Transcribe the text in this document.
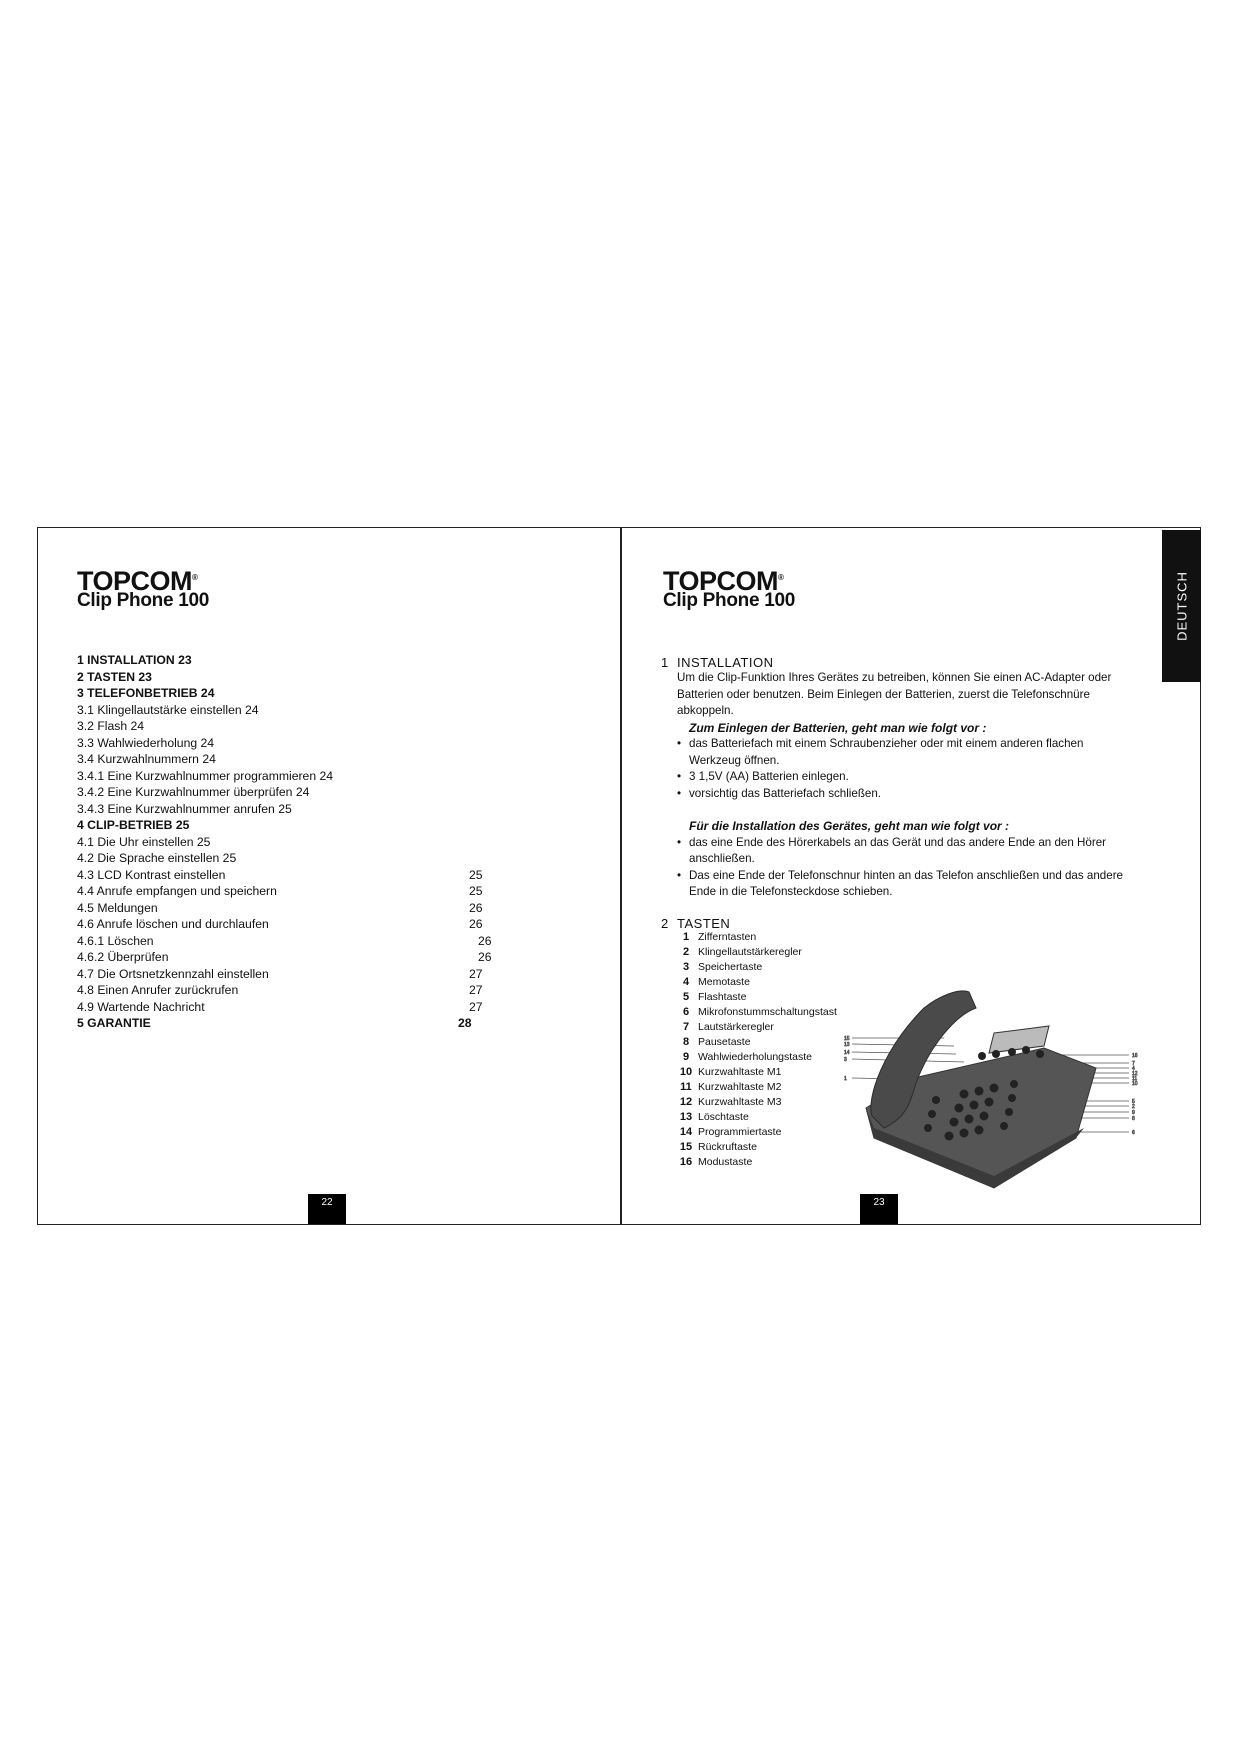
TOPCOM®
Clip Phone 100
1 INSTALLATION 23
2 TASTEN 23
3 TELEFONBETRIEB 24
3.1 Klingellautstärke einstellen 24
3.2 Flash 24
3.3 Wahlwiederholung 24
3.4 Kurzwahlnummern 24
3.4.1 Eine Kurzwahlnummer programmieren 24
3.4.2 Eine Kurzwahlnummer überprüfen 24
3.4.3 Eine Kurzwahlnummer anrufen 25
4 CLIP-BETRIEB 25
4.1 Die Uhr einstellen 25
4.2 Die Sprache einstellen 25
4.3 LCD Kontrast einstellen	25
4.4 Anrufe empfangen und speichern	25
4.5 Meldungen	26
4.6 Anrufe löschen und durchlaufen	26
4.6.1 Löschen	26
4.6.2 Überprüfen	26
4.7 Die Ortsnetzkennzahl einstellen	27
4.8 Einen Anrufer zurückrufen	27
4.9 Wartende Nachricht	27
5 GARANTIE	28
22
TOPCOM®
Clip Phone 100
1 INSTALLATION

Um die Clip-Funktion Ihres Gerätes zu betreiben, können Sie einen AC-Adapter oder Batterien oder benutzen. Beim Einlegen der Batterien, zuerst die Telefonschnüre abkoppeln.

Zum Einlegen der Batterien, geht man wie folgt vor :

• das Batteriefach mit einem Schraubenzieher oder mit einem anderen flachen Werkzeug öffnen.
• 3 1,5V (AA) Batterien einlegen.
• vorsichtig das Batteriefach schließen.

Für die Installation des Gerätes, geht man wie folgt vor :

• das eine Ende des Hörerkabels an das Gerät und das andere Ende an den Hörer anschließen.
• Das eine Ende der Telefonschnur hinten an das Telefon anschließen und das andere Ende in die Telefonsteckdose schieben.
2 TASTEN
1 Zifferntasten
2 Klingellautstärkeregler
3 Speichertaste
4 Memotaste
5 Flashtaste
6 Mikrofonstummschaltungstast
7 Lautstärkeregler
8 Pausetaste
9 Wahlwiederholungstaste
10 Kurzwahltaste M1
11 Kurzwahltaste M2
12 Kurzwahltaste M3
13 Löschtaste
14 Programmiertaste
15 Rückruftaste
16 Modustaste
15
13
14
3
1
16
7
4
12
11
10
5
2
9
8
6
23
DEUTSCH
